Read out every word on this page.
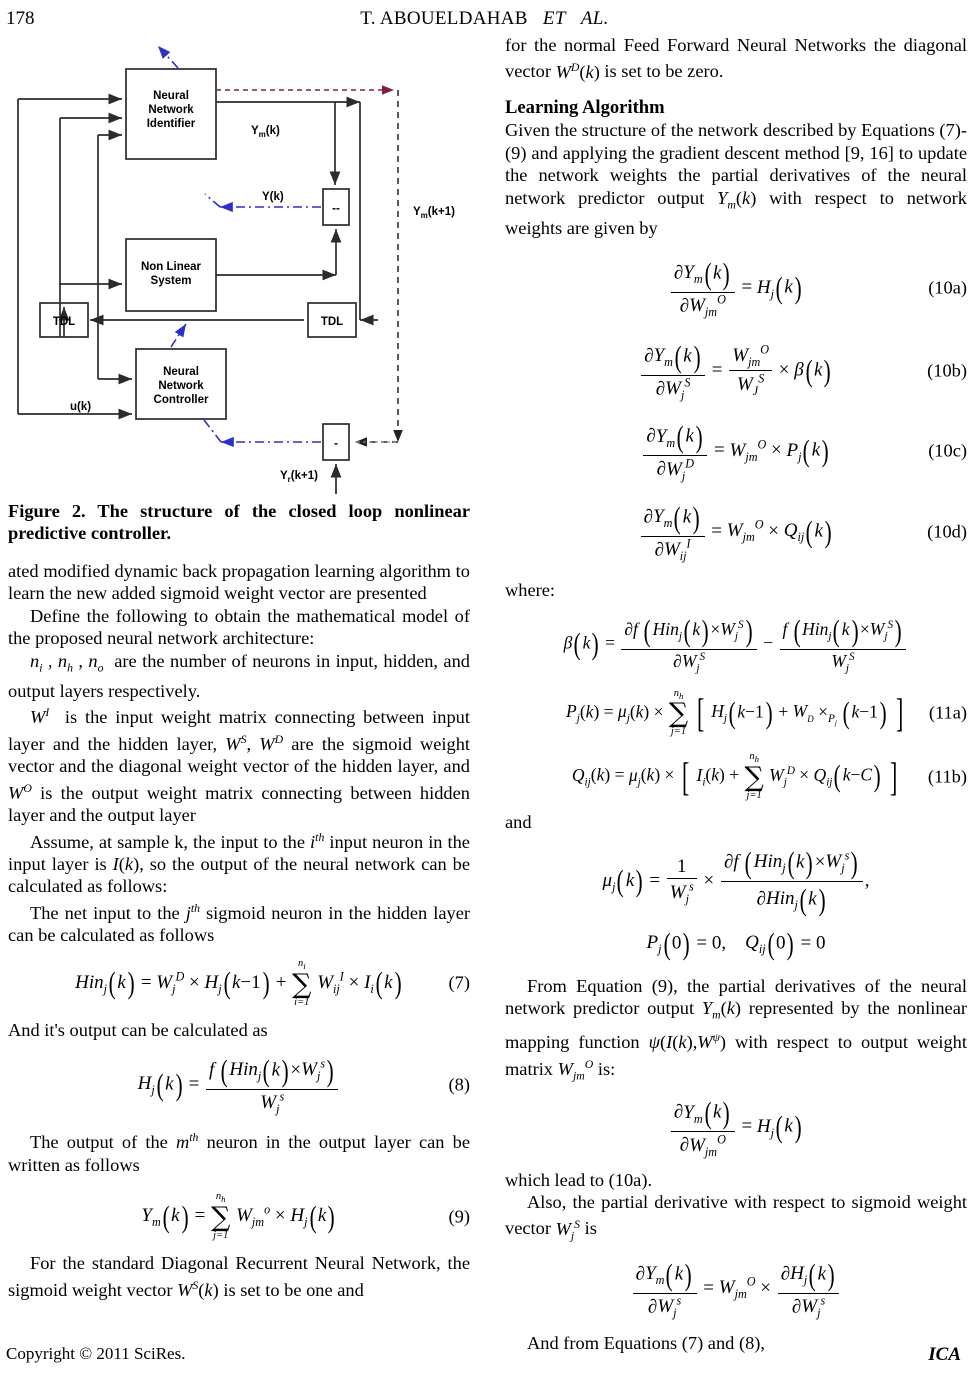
178	T. ABOUELDAHAB ET AL.
Neural
Network
Identifier
Non Linear
System
Neural
Network
Controller
TDL	TDL
--
-
$Y_m(k)$
Y(k)
$Y_m(k+1)$
u(k)
$Y_r(k+1)$
Figure 2. The structure of the closed loop nonlinear predictive controller.

ated modified dynamic back propagation learning algorithm to learn the new added sigmoid weight vector are presented

Define the following to obtain the mathematical model of the proposed neural network architecture:

$n_i$ , $n_h$ , $n_o$ are the number of neurons in input, hidden, and output layers respectively.

$W^I$ is the input weight matrix connecting between input layer and the hidden layer, $W^S$, $W^D$ are the sigmoid weight vector and the diagonal weight vector of the hidden layer, and $W^O$ is the output weight matrix connecting between hidden layer and the output layer

Assume, at sample k, the input to the $i^{th}$ input neuron in the input layer is I(k), so the output of the neural network can be calculated as follows:

The net input to the $j^{th}$ sigmoid neuron in the hidden layer can be calculated as follows

$Hin_j(k) = W_j^D \times H_j(k-1)$ +
$n_i$
∑
i=1
$W_{ij}^I \times I_i(k)$	(7)

And it's output can be calculated as

$H_j(k) = \frac{f (Hin_j(k)\times W_j^s)}{W_j^s}$	(8)

The output of the $m^{th}$ neuron in the output layer can be written as follows

$Y_m(k)$ =
$n_h$
∑
j=1
$W_{jm}^o \times H_j(k)$	(9)

For the standard Diagonal Recurrent Neural Network, the sigmoid weight vector $W^S(k)$ is set to be one and

for the normal Feed Forward Neural Networks the diagonal vector $W^D(k)$ is set to be zero.

Learning Algorithm

Given the structure of the network described by Equations (7)-(9) and applying the gradient descent method [9, 16] to update the network weights the partial derivatives of the neural network predictor output $Y_m(k)$ with respect to network weights are given by

$\frac{\partial Y_m(k)}{\partial W_{jm}^O} = H_j(k)$	(10a)
$\frac{\partial Y_m(k)}{\partial W_j^S} = \frac{W_{jm}^O}{W_J^S} \times \beta(k)$	(10b)
$\frac{\partial Y_m(k)}{\partial W_j^D} = W_{jm}^O \times P_j(k)$	(10c)
$\frac{\partial Y_m(k)}{\partial W_{ij}^I} = W_{jm}^O \times Q_{ij}(k)$	(10d)

where:

$\beta(k) = \frac{\partial f (Hin_j(k)\times W_j^S)}{\partial W_j^S} - \frac{f (Hin_j(k)\times W_j^S)}{W_j^S}$
$P_j(k) = \mu_j(k)$ ×
$n_h$
∑
j=1 [ $H_j(k-1) + W_D \times_{P_j}$ (k−1) ]	(11a)
$Q_{ij}(k) = \mu_j(k)$ × [ $I_i(k)$ +
$n_h$
∑
j=1
$W_j^D \times Q_{ij}(k-C)$ ]	(11b)

and

$\mu_j(k) = \frac{1}{W_j^s} \times \frac{\partial f (Hin_j(k)\times W_j^s)}{\partial Hin_j(k)}$ ,
$P_j(0) = 0$, $Q_{ij}(0) = 0$

From Equation (9), the partial derivatives of the neural network predictor output $Y_m(k)$ represented by the nonlinear mapping function $\psi(I(k),W^\psi)$ with respect to output weight matrix $W_{jm}^O$ is:

$\frac{\partial Y_m(k)}{\partial W_{jm}^O} = H_j(k)$

which lead to (10a).

Also, the partial derivative with respect to sigmoid weight vector $W_j^S$ is

$\frac{\partial Y_m(k)}{\partial W_j^s} = W_{jm}^O \times \frac{\partial H_j(k)}{\partial W_j^s}$

And from Equations (7) and (8),

Copyright © 2011 SciRes.	ICA
